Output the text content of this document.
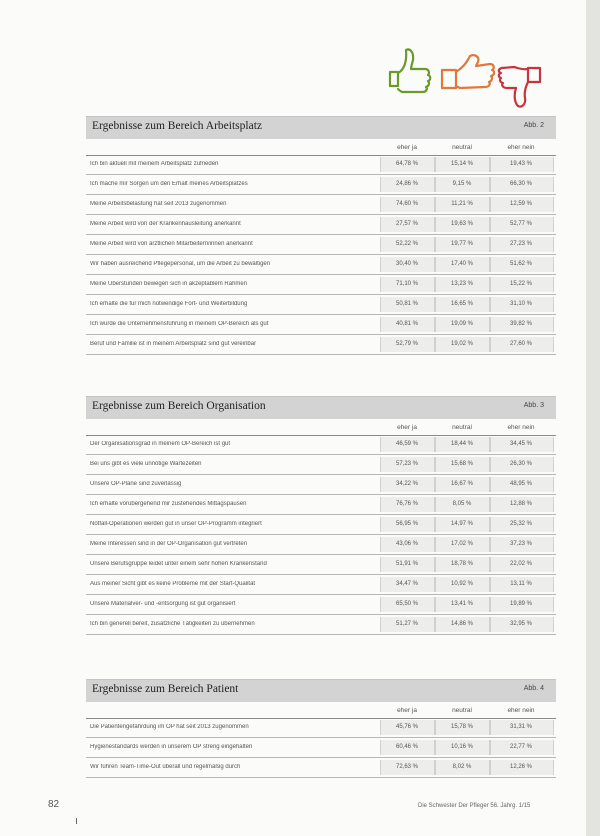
Ergebnisse zum Bereich Arbeitsplatz	Abb. 2
eher ja	neutral	eher nein
Ich bin aktuell mit meinem Arbeitsplatz zufrieden	64,78 %	15,14 %	19,43 %
Ich mache mir Sorgen um den Erhalt meines Arbeitsplatzes	24,86 %	9,15 %	66,30 %
Meine Arbeitsbelastung hat seit 2013 zugenommen	74,60 %	11,21 %	12,59 %
Meine Arbeit wird von der Krankenhausleitung anerkannt	27,57 %	19,63 %	52,77 %
Meine Arbeit wird von ärztlichen Mitarbeitern/innen anerkannt	52,22 %	19,77 %	27,23 %
Wir haben ausreichend Pflegepersonal, um die Arbeit zu bewältigen	30,40 %	17,40 %	51,62 %
Meine Überstunden bewegen sich in akzeptablem Rahmen	71,10 %	13,23 %	15,22 %
Ich erhalte die für mich notwendige Fort- und Weiterbildung	50,81 %	16,65 %	31,10 %
Ich würde die Unternehmensführung in meinem OP-Bereich als gut	40,81 %	19,09 %	39,82 %
Beruf und Familie ist in meinem Arbeitsplatz sind gut vereinbar	52,79 %	19,02 %	27,60 %
Ergebnisse zum Bereich Organisation	Abb. 3
eher ja	neutral	eher nein
Der Organisationsgrad in meinem OP-Bereich ist gut	46,59 %	18,44 %	34,45 %
Bei uns gibt es viele unnötige Wartezeiten	57,23 %	15,68 %	26,30 %
Unsere OP-Pläne sind zuverlässig	34,22 %	16,67 %	48,95 %
Ich erhalte vorübergehend mir zustehendes Mittagspausen	76,76 %	8,05 %	12,88 %
Notfall-Operationen werden gut in unser OP-Programm integriert	56,95 %	14,97 %	25,32 %
Meine Interessen sind in der OP-Organisation gut vertreten	43,06 %	17,02 %	37,23 %
Unsere Berufsgruppe leidet unter einem sehr hohen Krankenstand	51,91 %	18,78 %	22,02 %
Aus meiner Sicht gibt es keine Probleme mit der Start-Qualität	34,47 %	10,92 %	13,11 %
Unsere Materialver- und -entsorgung ist gut organisiert	65,50 %	13,41 %	19,89 %
Ich bin generell bereit, zusätzliche Tätigkeiten zu übernehmen	51,27 %	14,86 %	32,95 %
Ergebnisse zum Bereich Patient	Abb. 4
eher ja	neutral	eher nein
Die Patientengefährdung im OP hat seit 2013 zugenommen	45,76 %	15,78 %	31,31 %
Hygienestandards werden in unserem OP streng eingehalten	60,46 %	10,16 %	22,77 %
Wir führen Team-Time-Out überall und regelmäßig durch	72,63 %	8,02 %	12,26 %
82	Die Schwester Der Pfleger 56. Jahrg. 1/15
